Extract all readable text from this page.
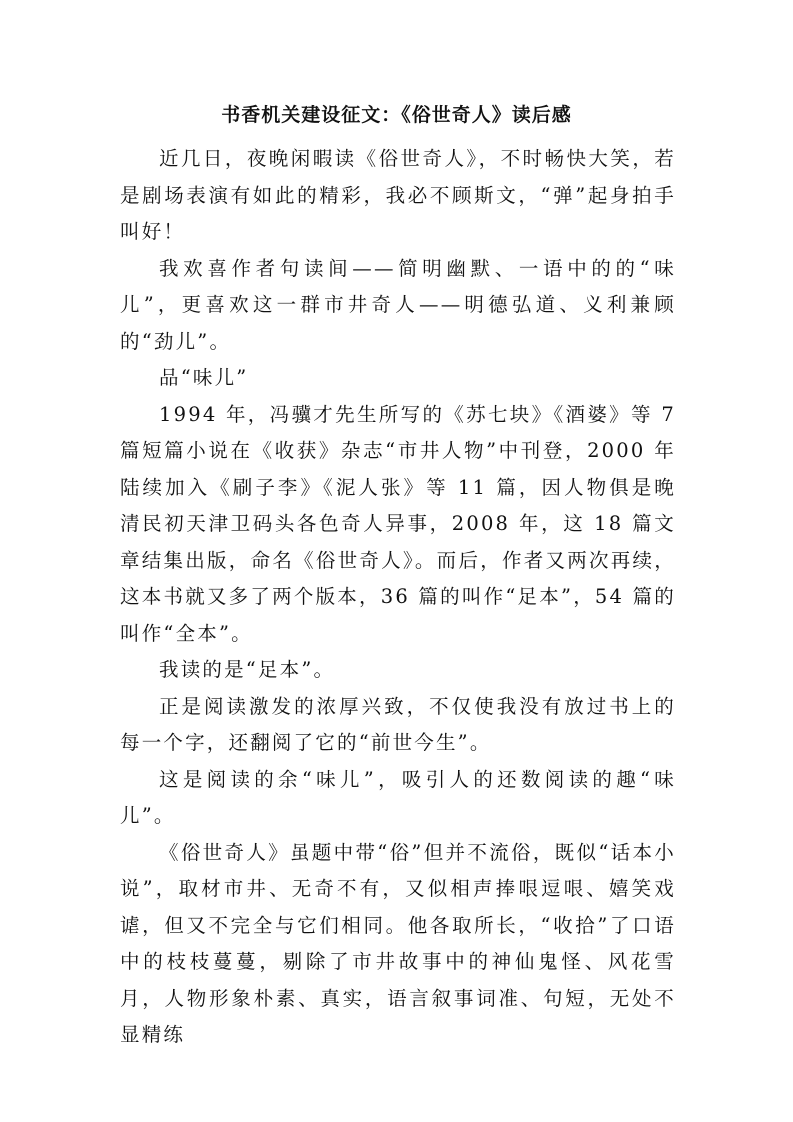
书香机关建设征文：《俗世奇人》读后感

近几日，夜晚闲暇读《俗世奇人》，不时畅快大笑，若是剧场表演有如此的精彩，我必不顾斯文，“弹”起身拍手叫好！

我欢喜作者句读间——简明幽默、一语中的的“味儿”，更喜欢这一群市井奇人——明德弘道、义利兼顾的“劲儿”。

品“味儿”

1994 年，冯骥才先生所写的《苏七块》《酒婆》等 7 篇短篇小说在《收获》杂志“市井人物”中刊登，2000 年陆续加入《刷子李》《泥人张》等 11 篇，因人物俱是晚清民初天津卫码头各色奇人异事，2008 年，这 18 篇文章结集出版，命名《俗世奇人》。而后，作者又两次再续，这本书就又多了两个版本，36 篇的叫作“足本”，54 篇的叫作“全本”。

我读的是“足本”。

正是阅读激发的浓厚兴致，不仅使我没有放过书上的每一个字，还翻阅了它的“前世今生”。

这是阅读的余“味儿”，吸引人的还数阅读的趣“味儿”。

《俗世奇人》虽题中带“俗”但并不流俗，既似“话本小说”，取材市井、无奇不有，又似相声捧哏逗哏、嬉笑戏谑，但又不完全与它们相同。他各取所长，“收拾”了口语中的枝枝蔓蔓，剔除了市井故事中的神仙鬼怪、风花雪月，人物形象朴素、真实，语言叙事词准、句短，无处不显精练
